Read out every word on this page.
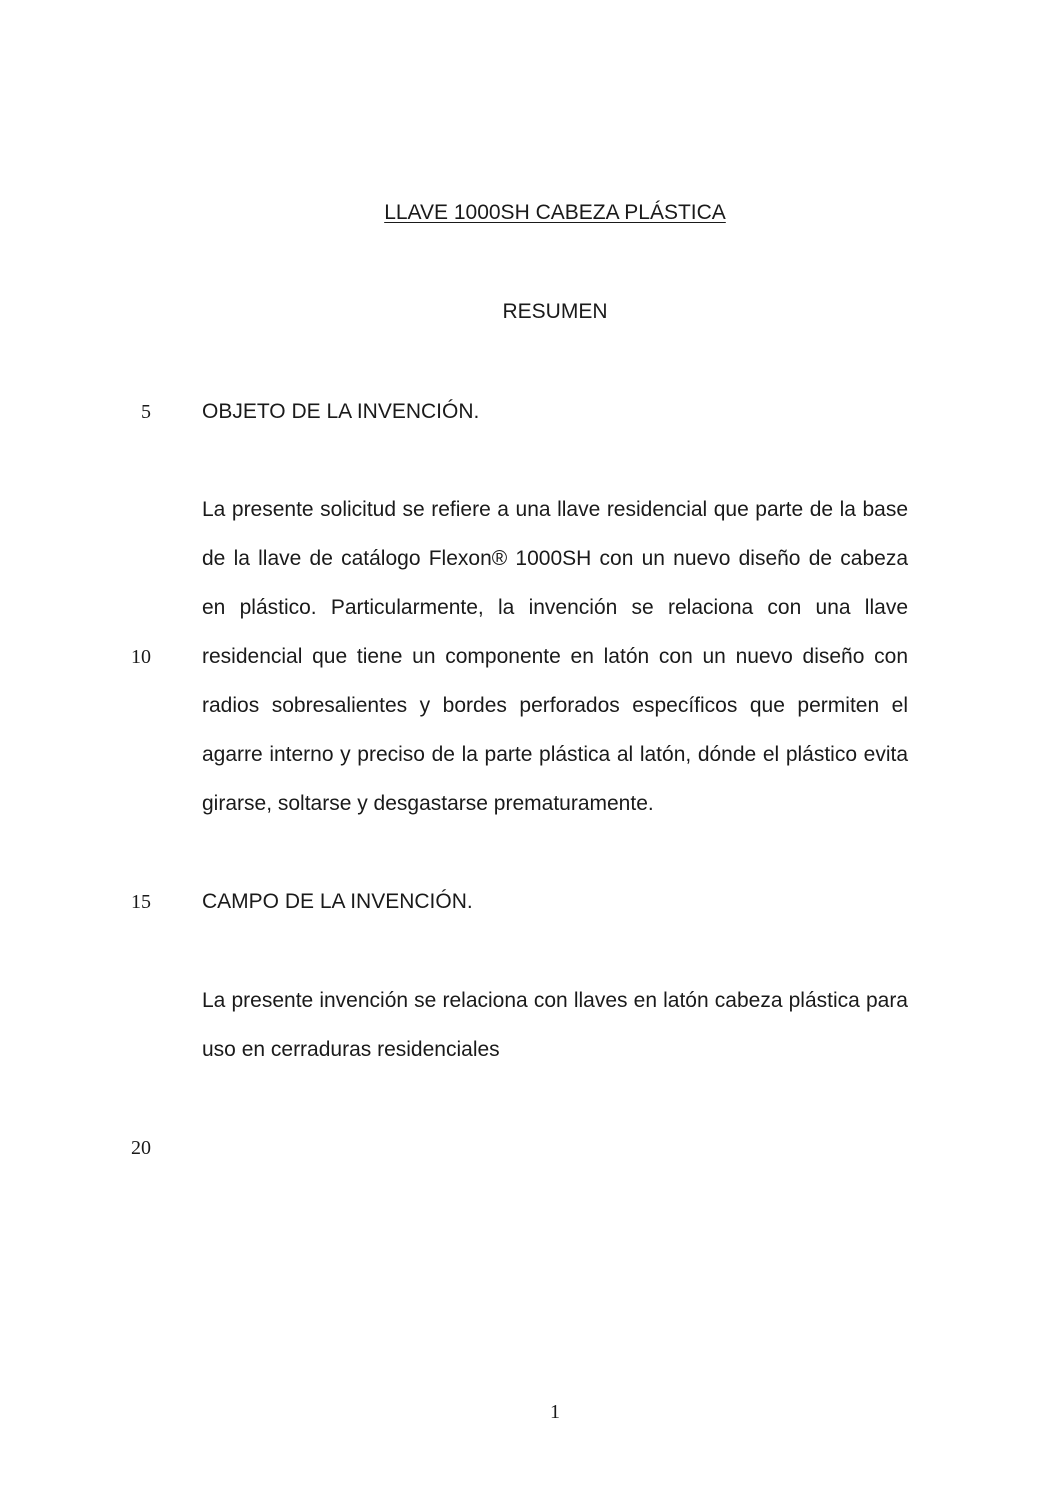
LLAVE 1000SH CABEZA PLÁSTICA
RESUMEN
5 OBJETO DE LA INVENCIÓN.

La presente solicitud se refiere a una llave residencial que parte de la base de la llave de catálogo Flexon® 1000SH con un nuevo diseño de cabeza en plástico. Particularmente, la invención se relaciona con una llave residencial que tiene un componente en latón con un nuevo diseño con radios sobresalientes y bordes perforados específicos que permiten el agarre interno y preciso de la parte plástica al latón, dónde el plástico evita girarse, soltarse y desgastarse prematuramente.

10
15 CAMPO DE LA INVENCIÓN.

La presente invención se relaciona con llaves en latón cabeza plástica para uso en cerraduras residenciales

20
1
